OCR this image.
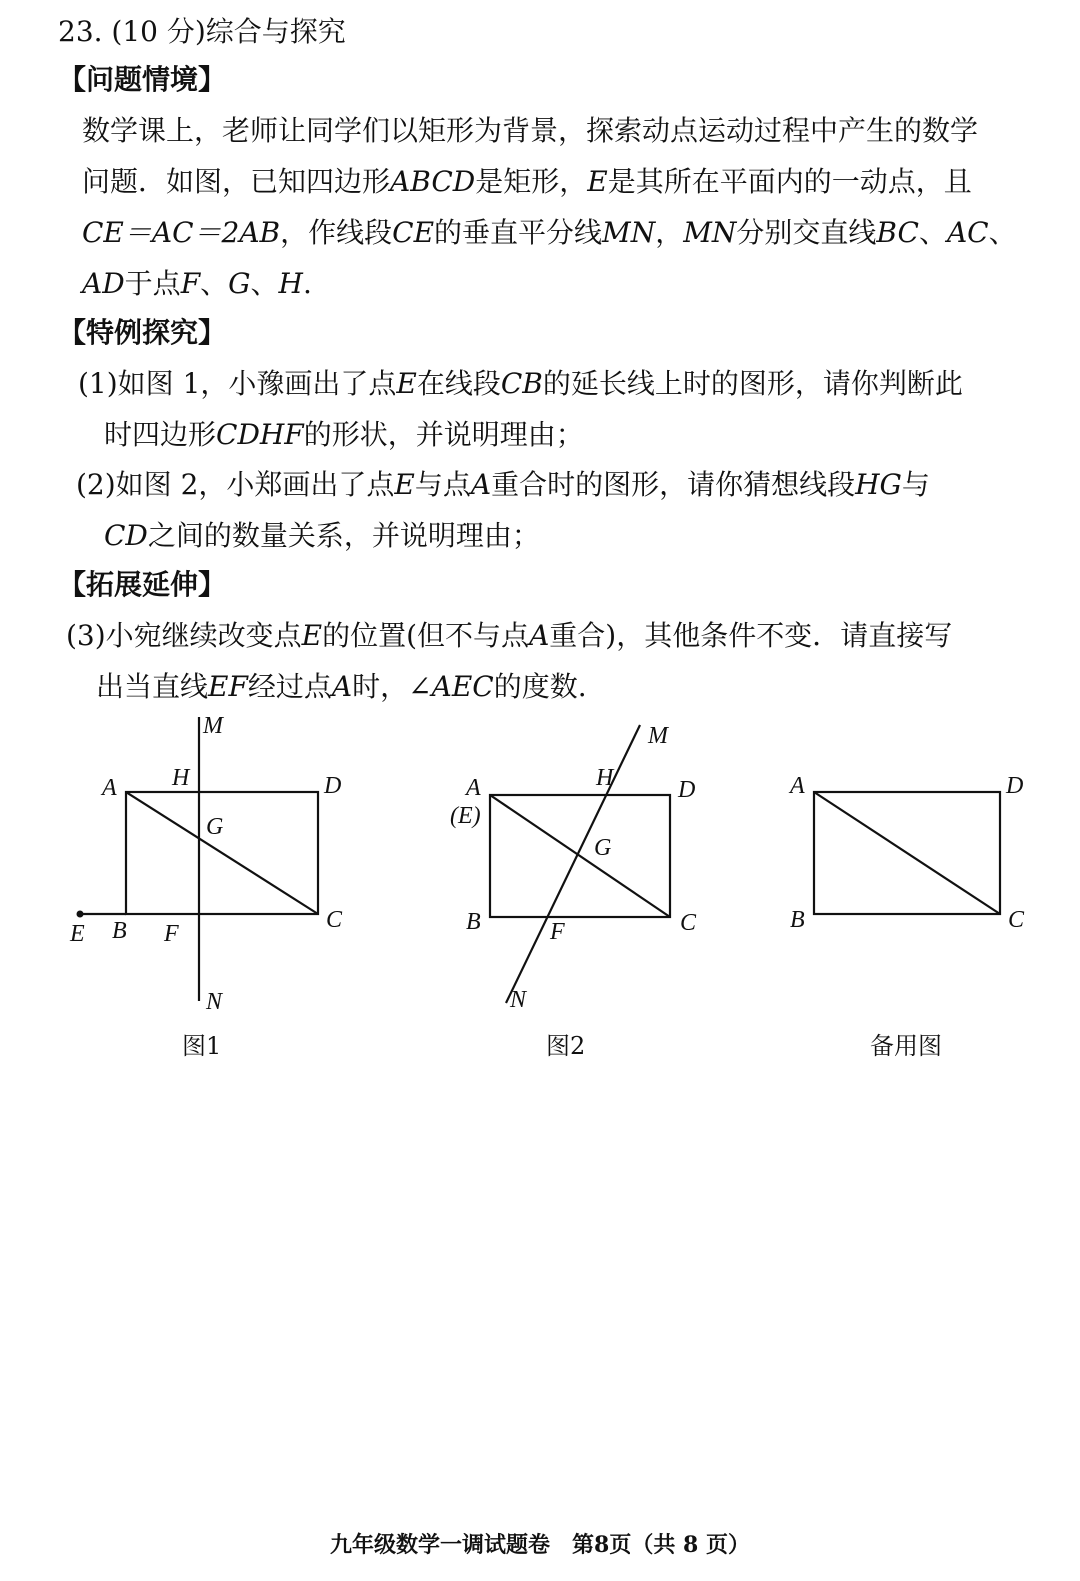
23. (10 分)综合与探究
【问题情境】
数学课上，老师让同学们以矩形为背景，探索动点运动过程中产生的数学
问题．如图，已知四边形ABCD是矩形，E是其所在平面内的一动点，且
CE＝AC＝2AB，作线段CE的垂直平分线MN，MN分别交直线BC、AC、
AD于点F、G、H.
【特例探究】
(1)如图 1，小豫画出了点E在线段CB的延长线上时的图形，请你判断此
时四边形CDHF的形状，并说明理由；
(2)如图 2，小郑画出了点E与点A重合时的图形，请你猜想线段HG与
CD之间的数量关系，并说明理由；
【拓展延伸】
(3)小宛继续改变点E的位置(但不与点A重合)，其他条件不变．请直接写
出当直线EF经过点A时，∠AEC的度数.
A	D
B	C
E	F
G
H
M
N
图1
A
(E)
D
B	C
F
G
H
M
N
图2
A	D
B	C
备用图
九年级数学一调试题卷　第8页（共 8 页）
